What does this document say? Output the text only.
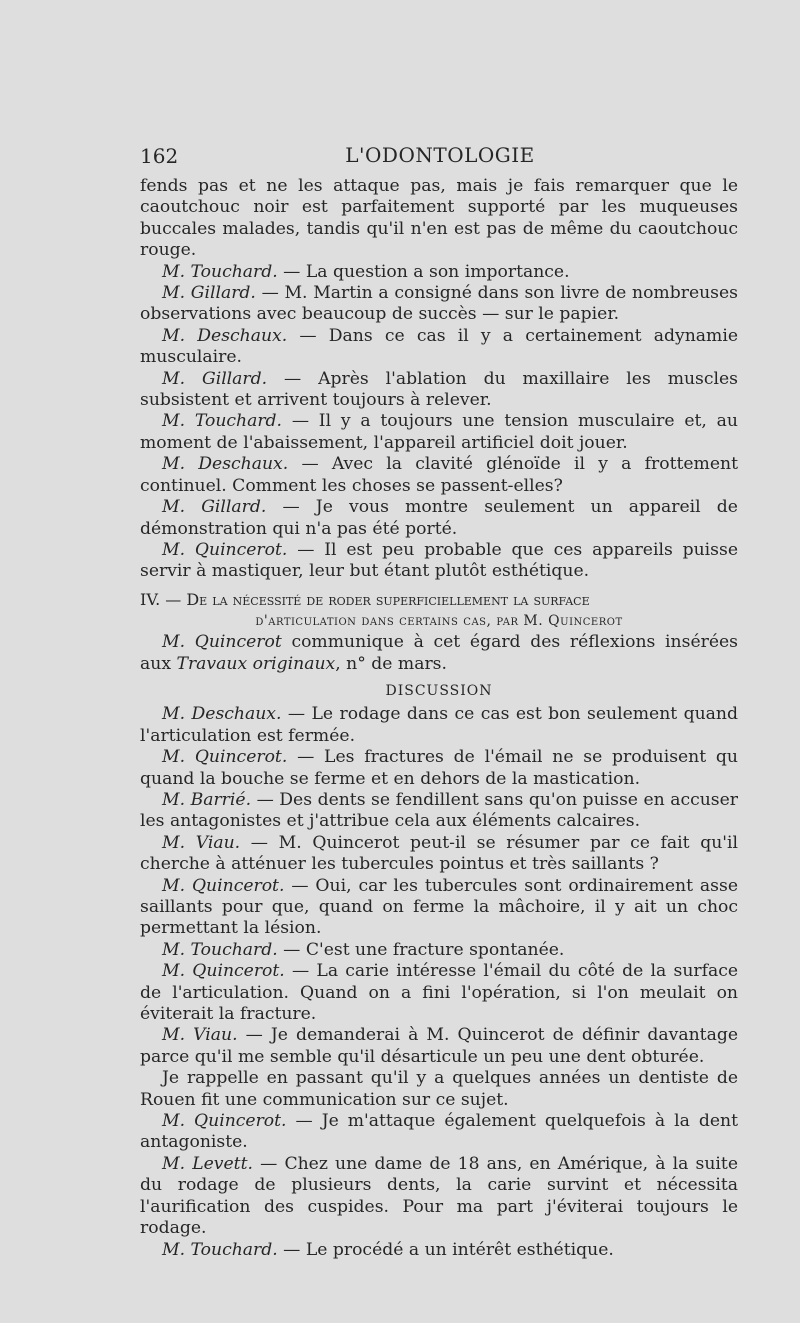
162	L'ODONTOLOGIE

fends pas et ne les attaque pas, mais je fais remarquer que le caoutchouc noir est parfaitement supporté par les muqueuses buccales malades, tandis qu'il n'en est pas de même du caoutchouc rouge.

M. Touchard. — La question a son importance.

M. Gillard. — M. Martin a consigné dans son livre de nombreuses observations avec beaucoup de succès — sur le papier.

M. Deschaux. — Dans ce cas il y a certainement adynamie musculaire.

M. Gillard. — Après l'ablation du maxillaire les muscles subsistent et arrivent toujours à relever.

M. Touchard. — Il y a toujours une tension musculaire et, au moment de l'abaissement, l'appareil artificiel doit jouer.

M. Deschaux. — Avec la clavité glénoïde il y a frottement continuel. Comment les choses se passent-elles?

M. Gillard. — Je vous montre seulement un appareil de démonstration qui n'a pas été porté.

M. Quincerot. — Il est peu probable que ces appareils puisse servir à mastiquer, leur but étant plutôt esthétique.

IV. — De la nécessité de roder superficiellement la surface

d'articulation dans certains cas, par M. Quincerot

M. Quincerot communique à cet égard des réflexions insérées aux Travaux originaux, n° de mars.

DISCUSSION

M. Deschaux. — Le rodage dans ce cas est bon seulement quand l'articulation est fermée.

M. Quincerot. — Les fractures de l'émail ne se produisent qu quand la bouche se ferme et en dehors de la mastication.

M. Barrié. — Des dents se fendillent sans qu'on puisse en accuser les antagonistes et j'attribue cela aux éléments calcaires.

M. Viau. — M. Quincerot peut-il se résumer par ce fait qu'il cherche à atténuer les tubercules pointus et très saillants ?

M. Quincerot. — Oui, car les tubercules sont ordinairement asse saillants pour que, quand on ferme la mâchoire, il y ait un choc permettant la lésion.

M. Touchard. — C'est une fracture spontanée.

M. Quincerot. — La carie intéresse l'émail du côté de la surface de l'articulation. Quand on a fini l'opération, si l'on meulait on éviterait la fracture.

M. Viau. — Je demanderai à M. Quincerot de définir davantage parce qu'il me semble qu'il désarticule un peu une dent obturée.

Je rappelle en passant qu'il y a quelques années un dentiste de Rouen fit une communication sur ce sujet.

M. Quincerot. — Je m'attaque également quelquefois à la dent antagoniste.

M. Levett. — Chez une dame de 18 ans, en Amérique, à la suite du rodage de plusieurs dents, la carie survint et nécessita l'aurification des cuspides. Pour ma part j'éviterai toujours le rodage.

M. Touchard. — Le procédé a un intérêt esthétique.
